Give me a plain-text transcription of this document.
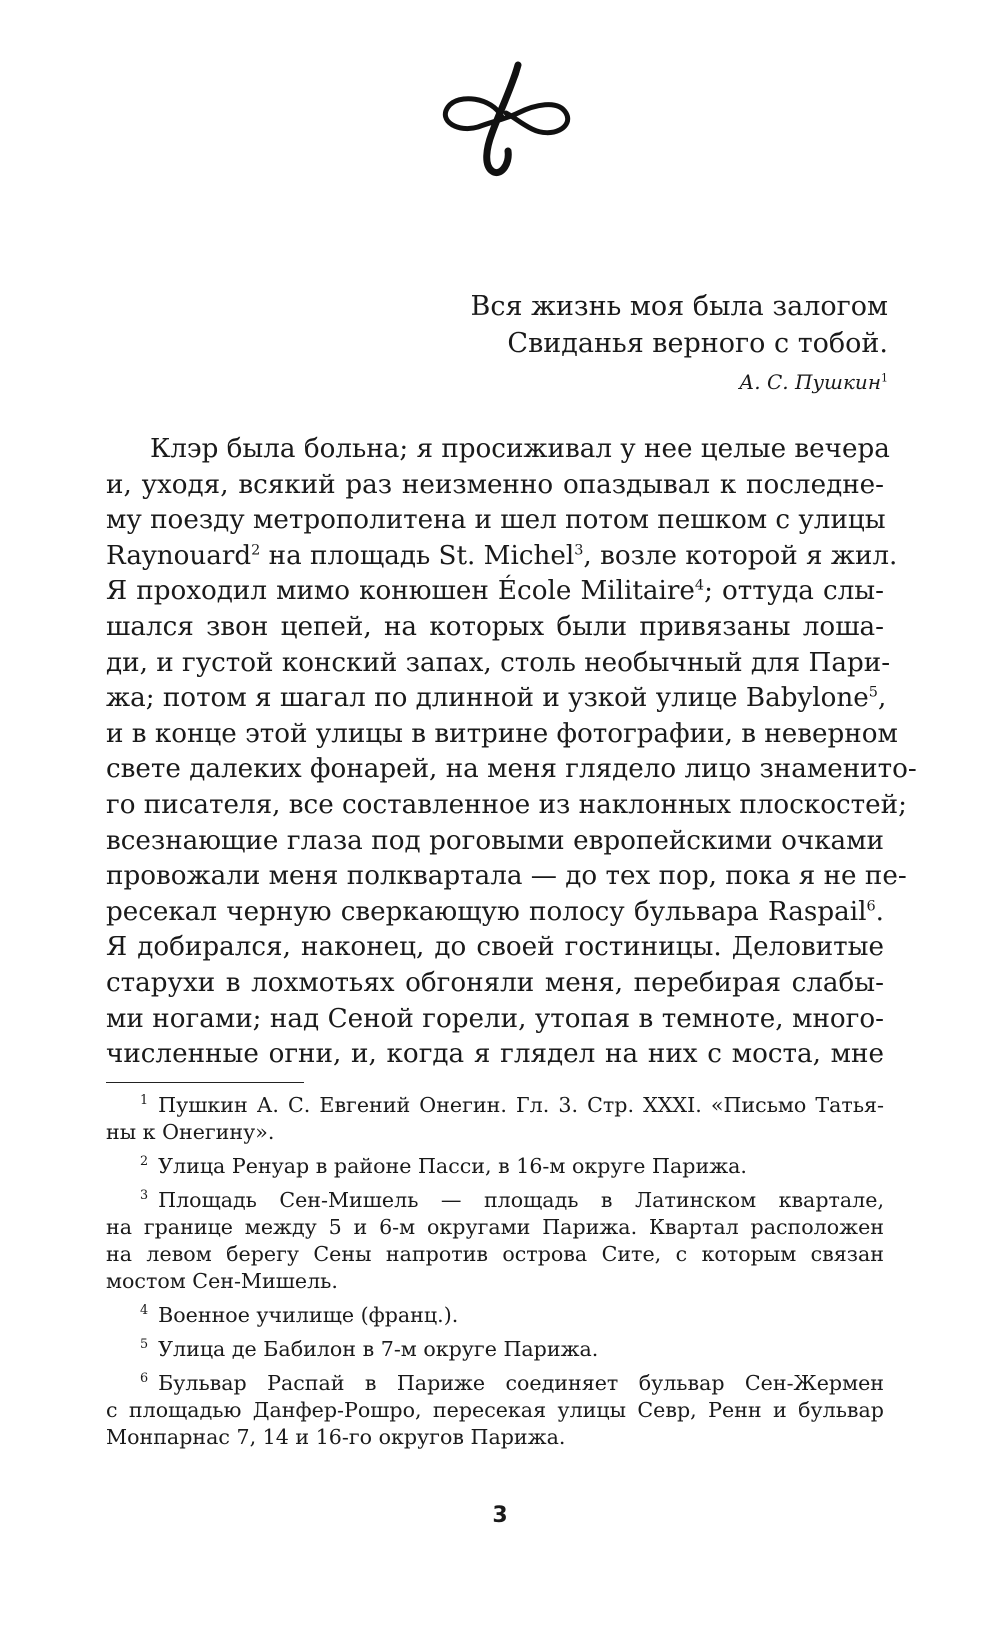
Вся жизнь моя была залогом
Свиданья верного с тобой.
А. С. Пушкин$^1$
Клэр была больна; я просиживал у нее целые вечера
и, уходя, всякий раз неизменно опаздывал к последне-
му поезду метрополитена и шел потом пешком с улицы
Raynouard$^2$ на площадь St. Michel$^3$, возле которой я жил.
Я проходил мимо конюшен École Militaire$^4$; оттуда слы-
шался звон цепей, на которых были привязаны лоша-
ди, и густой конский запах, столь необычный для Пари-
жа; потом я шагал по длинной и узкой улице Babylone$^5$,
и в конце этой улицы в витрине фотографии, в неверном
свете далеких фонарей, на меня глядело лицо знаменито-
го писателя, все составленное из наклонных плоскостей;
всезнающие глаза под роговыми европейскими очками
провожали меня полквартала — до тех пор, пока я не пе-
ресекал черную сверкающую полосу бульвара Raspail$^6$.
Я добирался, наконец, до своей гостиницы. Деловитые
старухи в лохмотьях обгоняли меня, перебирая слабы-
ми ногами; над Сеной горели, утопая в темноте, много-
численные огни, и, когда я глядел на них с моста, мне
$^1$ Пушкин А. С. Евгений Онегин. Гл. 3. Стр. XXXI. «Письмо Татья-
ны к Онегину».
$^2$ Улица Ренуар в районе Пасси, в 16-м округе Парижа.
$^3$ Площадь Сен-Мишель — площадь в Латинском квартале,
на границе между 5 и 6-м округами Парижа. Квартал расположен
на левом берегу Сены напротив острова Сите, с которым связан
мостом Сен-Мишель.
$^4$ Военное училище (франц.).
$^5$ Улица де Бабилон в 7-м округе Парижа.
$^6$ Бульвар Распай в Париже соединяет бульвар Сен-Жермен
с площадью Данфер-Рошро, пересекая улицы Севр, Ренн и бульвар
Монпарнас 7, 14 и 16-го округов Парижа.
3
